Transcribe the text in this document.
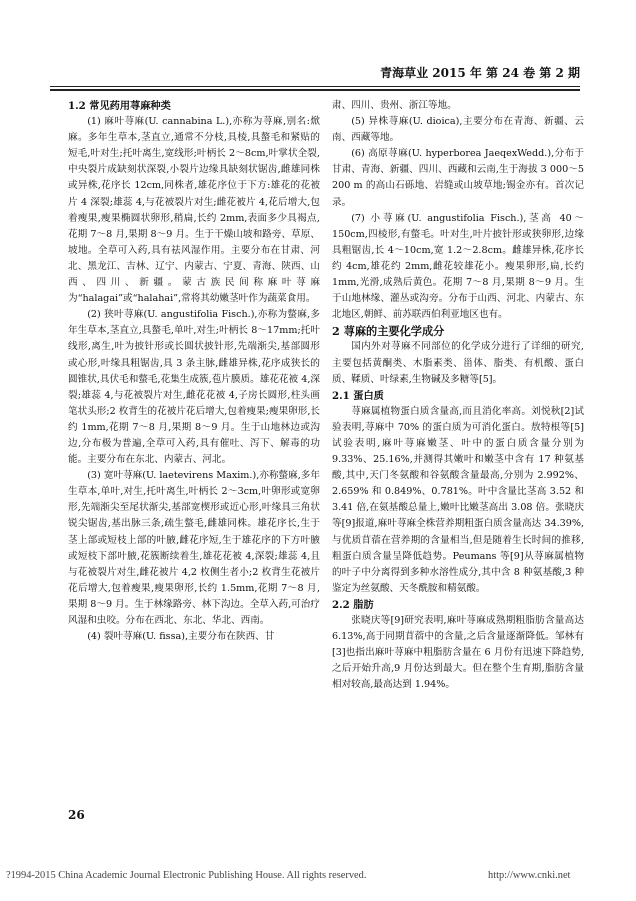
青海草业 2015 年 第 24 卷 第 2 期
1.2 常见药用荨麻种类

(1) 麻叶荨麻(U. cannabina L.),亦称为荨麻,别名:焮麻。多年生草本,茎直立,通常不分枝,具棱,具螯毛和紧贴的短毛,叶对生;托叶离生,宽线形;叶柄长 2～8cm,叶掌状全裂,中央裂片成缺刻状深裂,小裂片边缘具缺刻状锯齿,雌雄同株或异株,花序长 12cm,同株者,雄花序位于下方:雄花的花被片 4 深裂;雄蕊 4,与花被裂片对生;雌花被片 4,花后增大,包着瘦果,瘦果椭圆状卵形,稍扁,长约 2mm,表面多少具褐点,花期 7～8 月,果期 8～9 月。生于干燥山坡和路旁、草原、坡地。全草可入药,具有祛风湿作用。主要分布在甘肃、河北、黑龙江、吉林、辽宁、内蒙古、宁夏、青海、陕西、山西、四川、新疆。蒙古族民间称麻叶荨麻为“halagai”或“halahai”,常将其幼嫩茎叶作为蔬菜食用。

(2) 狭叶荨麻(U. angustifolia Fisch.),亦称为螫麻,多年生草本,茎直立,具螯毛,单叶,对生;叶柄长 8～17mm;托叶线形,离生,叶为披针形或长圆状披针形,先端渐尖,基部圆形或心形,叶缘具粗锯齿,具 3 条主脉,雌雄异株,花序成狭长的圆锥状,具伏毛和螫毛,花集生成簇,苞片膜质。雄花花被 4,深裂;雄蕊 4,与花被裂片对生,雌花花被 4,子房长圆形,柱头画笔状头形;2 枚背生的花被片花后增大,包着瘦果;瘦果卵形,长约 1mm,花期 7～8 月,果期 8～9 月。生于山地林边或沟边,分布极为普遍,全草可入药,具有催吐、泻下、解毒的功能。主要分布在东北、内蒙古、河北。

(3) 宽叶荨麻(U. laetevirens Maxim.),亦称螫麻,多年生草本,单叶,对生,托叶离生,叶柄长 2～3cm,叶卵形或宽卵形,先端渐尖至尾状渐尖,基部宽楔形或近心形,叶缘具三角状锐尖锯齿,基出脉三条,疏生螫毛,雌雄同株。雄花序长,生于茎上部或短枝上部的叶腋,雌花序短,生于雄花序的下方叶腋或短枝下部叶腋,花簇断续着生,雄花花被 4,深裂;雄蕊 4,且与花被裂片对生,雌花被片 4,2 枚侧生者小;2 枚背生花被片花后增大,包着瘦果,瘦果卵形,长约 1.5mm,花期 7～8 月,果期 8～9 月。生于林缘路旁、林下沟边。全草入药,可治疗风湿和虫咬。分布在西北、东北、华北、西南。

(4) 裂叶荨麻(U. fissa),主要分布在陕西、甘

肃、四川、贵州、浙江等地。

(5) 异株荨麻(U. dioica),主要分布在青海、新疆、云南、西藏等地。

(6) 高原荨麻(U. hyperborea JaeqexWedd.),分布于甘肃、青海、新疆、四川、西藏和云南,生于海拔 3 000～5 200 m 的高山石砾地、岩缝或山坡草地;锡金亦有。首次记录。

(7) 小荨麻(U. angustifolia Fisch.),茎高 40～150cm,四棱形,有螫毛。叶对生,叶片披针形或狭卵形,边缘具粗锯齿,长 4～10cm,宽 1.2～2.8cm。雌雄异株,花序长约 4cm,雄花约 2mm,雌花较雄花小。瘦果卵形,扁,长约 1mm,光滑,成熟后黄色。花期 7～8 月,果期 8～9 月。生于山地林缘、灌丛或沟旁。分布于山西、河北、内蒙古、东北地区,朝鲜、前苏联西伯利亚地区也有。

2 荨麻的主要化学成分

国内外对荨麻不同部位的化学成分进行了详细的研究,主要包括黄酮类、木脂素类、甾体、脂类、有机酸、蛋白质、鞣质、叶绿素,生物碱及多糖等[5]。

2.1 蛋白质

荨麻属植物蛋白质含量高,而且消化率高。刘悦秋[2]试验表明,荨麻中 70% 的蛋白质为可消化蛋白。敖特根等[5]试验表明,麻叶荨麻嫩茎、叶中的蛋白质含量分别为 9.33%、25.16%,并测得其嫩叶和嫩茎中含有 17 种氨基酸,其中,天门冬氨酸和谷氨酸含量最高,分别为 2.992%、2.659% 和 0.849%、0.781%。叶中含量比茎高 3.52 和 3.41 倍,在氨基酸总量上,嫩叶比嫩茎高出 3.08 倍。张晓庆等[9]报道,麻叶荨麻全株营养期粗蛋白质含量高达 34.39%,与优质苜蓿在营养期的含量相当,但是随着生长时间的推移,粗蛋白质含量呈降低趋势。Peumans 等[9]从荨麻属植物的叶子中分离得到多种水溶性成分,其中含 8 种氨基酸,3 种鉴定为丝氨酸、天冬酰胺和精氨酸。

2.2 脂肪

张晓庆等[9]研究表明,麻叶荨麻成熟期粗脂肪含量高达 6.13%,高于同期苜蓿中的含量,之后含量逐渐降低。邹林有[3]也指出麻叶荨麻中粗脂肪含量在 6 月份有迅速下降趋势,之后开始升高,9 月份达到最大。但在整个生育期,脂肪含量相对较高,最高达到 1.94%。

26
?1994-2015 China Academic Journal Electronic Publishing House. All rights reserved.	http://www.cnki.net
